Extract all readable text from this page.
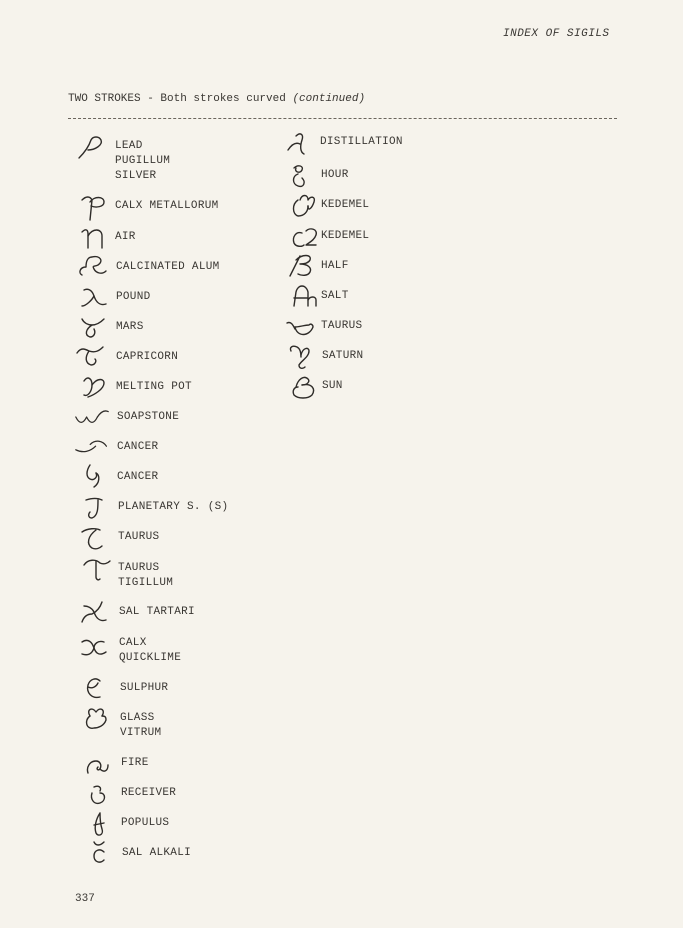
INDEX OF SIGILS
TWO STROKES - Both strokes curved (continued)
LEAD
PUGILLUM
SILVER
CALX METALLORUM
AIR
CALCINATED ALUM
POUND
MARS
CAPRICORN
MELTING POT
SOAPSTONE
CANCER
CANCER
PLANETARY S. (S)
TAURUS
TAURUS
TIGILLUM
SAL TARTARI
CALX
QUICKLIME
SULPHUR
GLASS
VITRUM
FIRE
RECEIVER
POPULUS
SAL ALKALI
DISTILLATION
HOUR
KEDEMEL
KEDEMEL
HALF
SALT
TAURUS
SATURN
SUN
337
